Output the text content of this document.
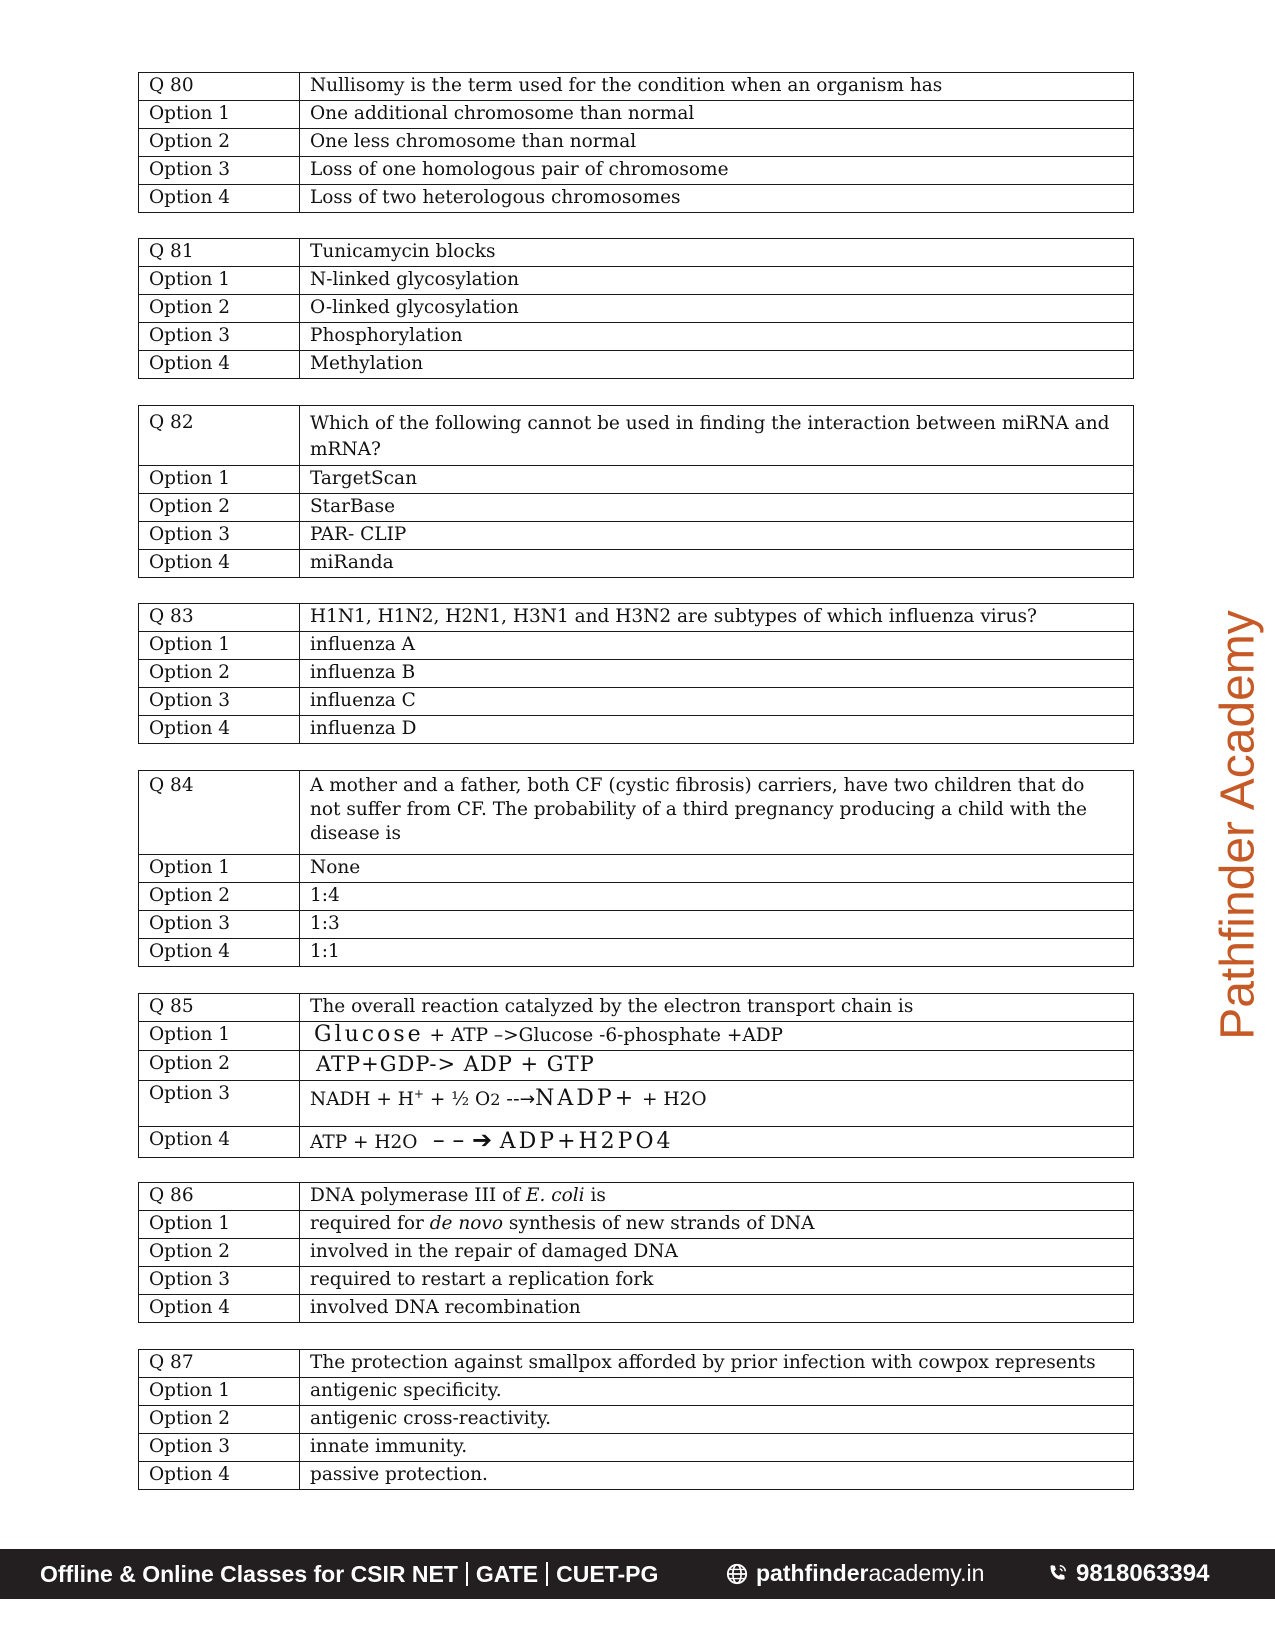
Q 80	Nullisomy is the term used for the condition when an organism has
Option 1	One additional chromosome than normal
Option 2	One less chromosome than normal
Option 3	Loss of one homologous pair of chromosome
Option 4	Loss of two heterologous chromosomes
Q 81	Tunicamycin blocks
Option 1	N-linked glycosylation
Option 2	O-linked glycosylation
Option 3	Phosphorylation
Option 4	Methylation
Q 82	Which of the following cannot be used in finding the interaction between miRNA and mRNA?
Option 1	TargetScan
Option 2	StarBase
Option 3	PAR- CLIP
Option 4	miRanda
Q 83	H1N1, H1N2, H2N1, H3N1 and H3N2 are subtypes of which influenza virus?
Option 1	influenza A
Option 2	influenza B
Option 3	influenza C
Option 4	influenza D
Q 84	A mother and a father, both CF (cystic fibrosis) carriers, have two children that do not suffer from CF. The probability of a third pregnancy producing a child with the disease is
Option 1	None
Option 2	1:4
Option 3	1:3
Option 4	1:1
Q 85	The overall reaction catalyzed by the electron transport chain is
Option 1	Glucose + ATP –>Glucose -6-phosphate +ADP
Option 2	ATP+GDP-> ADP + GTP
Option 3	NADH + H+ + ½ O2 --→NADP+ + H2O
Option 4	ATP + H2O  – – ➔ ADP+H2PO4
Q 86	DNA polymerase III of E. coli is
Option 1	required for de novo synthesis of new strands of DNA
Option 2	involved in the repair of damaged DNA
Option 3	required to restart a replication fork
Option 4	involved DNA recombination
Q 87	The protection against smallpox afforded by prior infection with cowpox represents
Option 1	antigenic specificity.
Option 2	antigenic cross-reactivity.
Option 3	innate immunity.
Option 4	passive protection.
Pathfinder Academy
Offline & Online Classes for CSIR NET GATE CUET-PG	pathfinderacademy.in	9818063394
